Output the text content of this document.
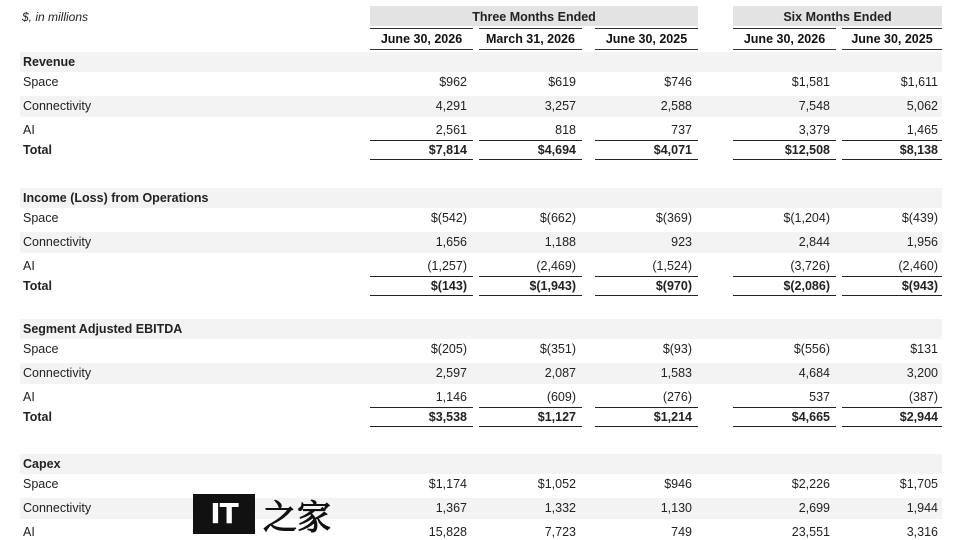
$, in millions	Three Months Ended	Six Months Ended
June 30, 2026	March 31, 2026	June 30, 2025	June 30, 2026	June 30, 2025
Revenue
Space	$962	$619	$746	$1,581	$1,611
Connectivity	4,291	3,257	2,588	7,548	5,062
AI	2,561	818	737	3,379	1,465
Total	$7,814	$4,694	$4,071	$12,508	$8,138
Income (Loss) from Operations
Space	$(542)	$(662)	$(369)	$(1,204)	$(439)
Connectivity	1,656	1,188	923	2,844	1,956
AI	(1,257)	(2,469)	(1,524)	(3,726)	(2,460)
Total	$(143)	$(1,943)	$(970)	$(2,086)	$(943)
Segment Adjusted EBITDA
Space	$(205)	$(351)	$(93)	$(556)	$131
Connectivity	2,597	2,087	1,583	4,684	3,200
AI	1,146	(609)	(276)	537	(387)
Total	$3,538	$1,127	$1,214	$4,665	$2,944
Capex
Space	$1,174	$1,052	$946	$2,226	$1,705
Connectivity	1,367	1,332	1,130	2,699	1,944
AI	15,828	7,723	749	23,551	3,316
IT 之家
